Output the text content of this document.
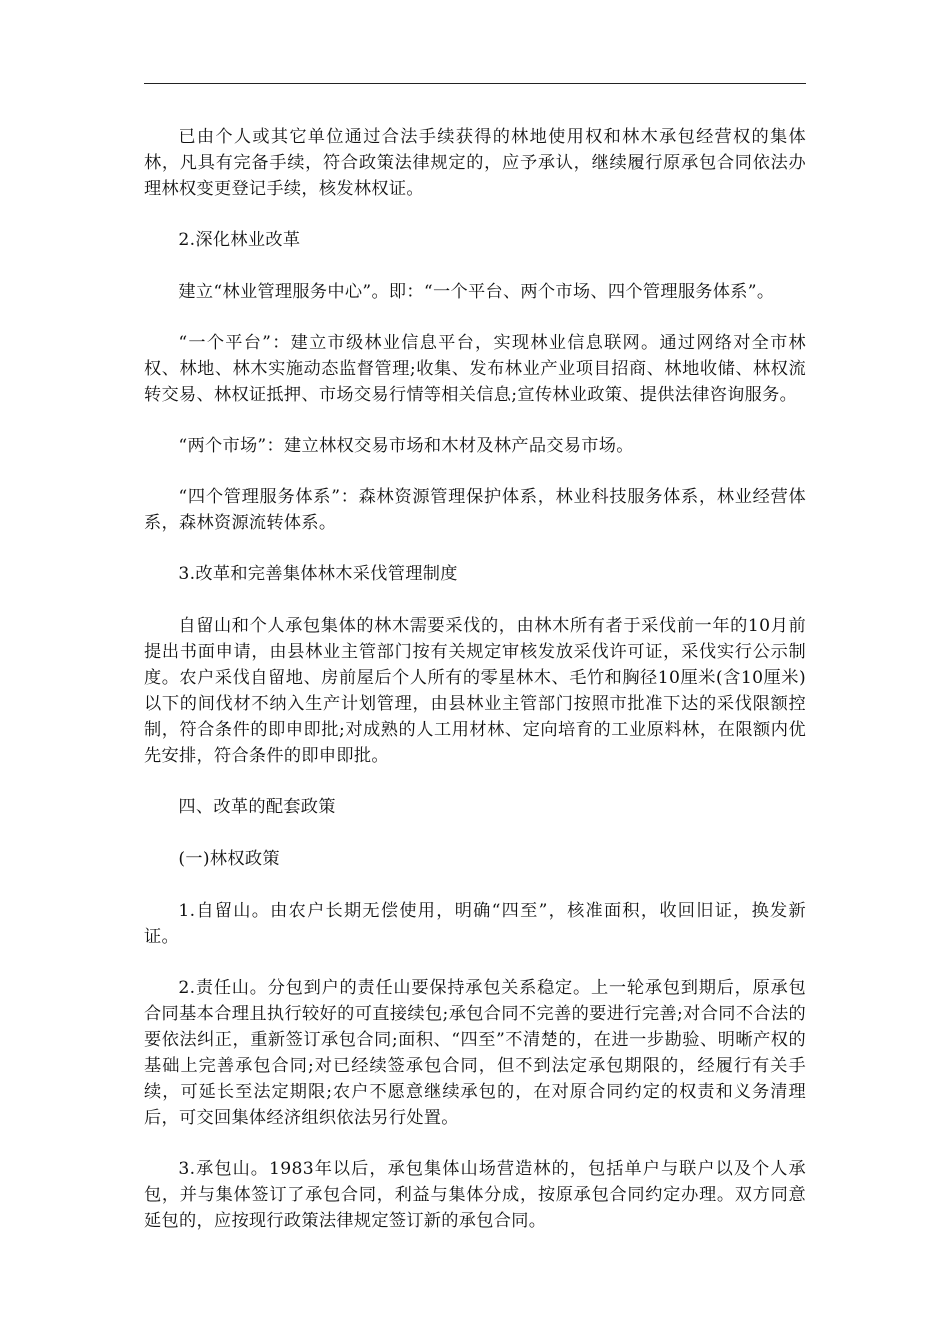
已由个人或其它单位通过合法手续获得的林地使用权和林木承包经营权的集体林，凡具有完备手续，符合政策法律规定的，应予承认，继续履行原承包合同依法办理林权变更登记手续，核发林权证。

2.深化林业改革

建立“林业管理服务中心”。即：“一个平台、两个市场、四个管理服务体系”。

“一个平台”：建立市级林业信息平台，实现林业信息联网。通过网络对全市林权、林地、林木实施动态监督管理;收集、发布林业产业项目招商、林地收储、林权流转交易、林权证抵押、市场交易行情等相关信息;宣传林业政策、提供法律咨询服务。

“两个市场”：建立林权交易市场和木材及林产品交易市场。

“四个管理服务体系”：森林资源管理保护体系，林业科技服务体系，林业经营体系，森林资源流转体系。

3.改革和完善集体林木采伐管理制度

自留山和个人承包集体的林木需要采伐的，由林木所有者于采伐前一年的10月前提出书面申请，由县林业主管部门按有关规定审核发放采伐许可证，采伐实行公示制度。农户采伐自留地、房前屋后个人所有的零星林木、毛竹和胸径10厘米(含10厘米)以下的间伐材不纳入生产计划管理，由县林业主管部门按照市批准下达的采伐限额控制，符合条件的即申即批;对成熟的人工用材林、定向培育的工业原料林，在限额内优先安排，符合条件的即申即批。

四、改革的配套政策

(一)林权政策

1.自留山。由农户长期无偿使用，明确“四至”，核准面积，收回旧证，换发新证。

2.责任山。分包到户的责任山要保持承包关系稳定。上一轮承包到期后，原承包合同基本合理且执行较好的可直接续包;承包合同不完善的要进行完善;对合同不合法的要依法纠正，重新签订承包合同;面积、“四至”不清楚的，在进一步勘验、明晰产权的基础上完善承包合同;对已经续签承包合同，但不到法定承包期限的，经履行有关手续，可延长至法定期限;农户不愿意继续承包的，在对原合同约定的权责和义务清理后，可交回集体经济组织依法另行处置。

3.承包山。1983年以后，承包集体山场营造林的，包括单户与联户以及个人承包，并与集体签订了承包合同，利益与集体分成，按原承包合同约定办理。双方同意延包的，应按现行政策法律规定签订新的承包合同。
